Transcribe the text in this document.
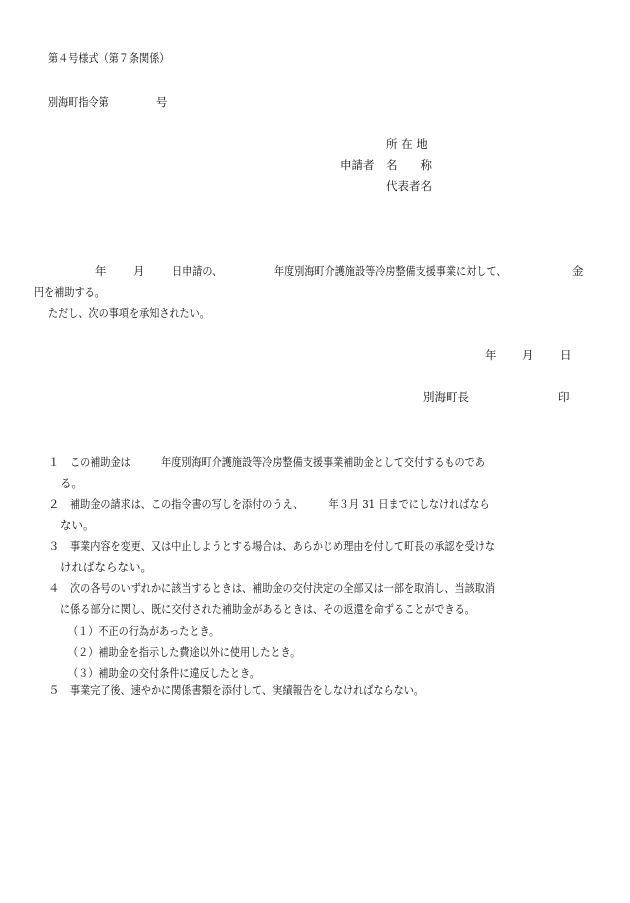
第４号様式（第７条関係）
別海町指令第	号
所 在 地
申請者 名　　称
代表者名
年 月 日申請の、	年度別海町介護施設等冷房整備支援事業に対して、	金
円を補助する。
ただし、次の事項を承知されたい。
年 月 日
別海町長	印
１ この補助金は　　　年度別海町介護施設等冷房整備支援事業補助金として交付するものであ
る。
２ 補助金の請求は、この指令書の写しを添付のうえ、　　　年３月 31 日までにしなければなら
ない。
３ 事業内容を変更、又は中止しようとする場合は、あらかじめ理由を付して町長の承認を受けな
ければならない。
４ 次の各号のいずれかに該当するときは、補助金の交付決定の全部又は一部を取消し、当該取消
に係る部分に関し、既に交付された補助金があるときは、その返還を命ずることができる。
（１）不正の行為があったとき。
（２）補助金を指示した費途以外に使用したとき。
（３）補助金の交付条件に違反したとき。
５ 事業完了後、速やかに関係書類を添付して、実績報告をしなければならない。
